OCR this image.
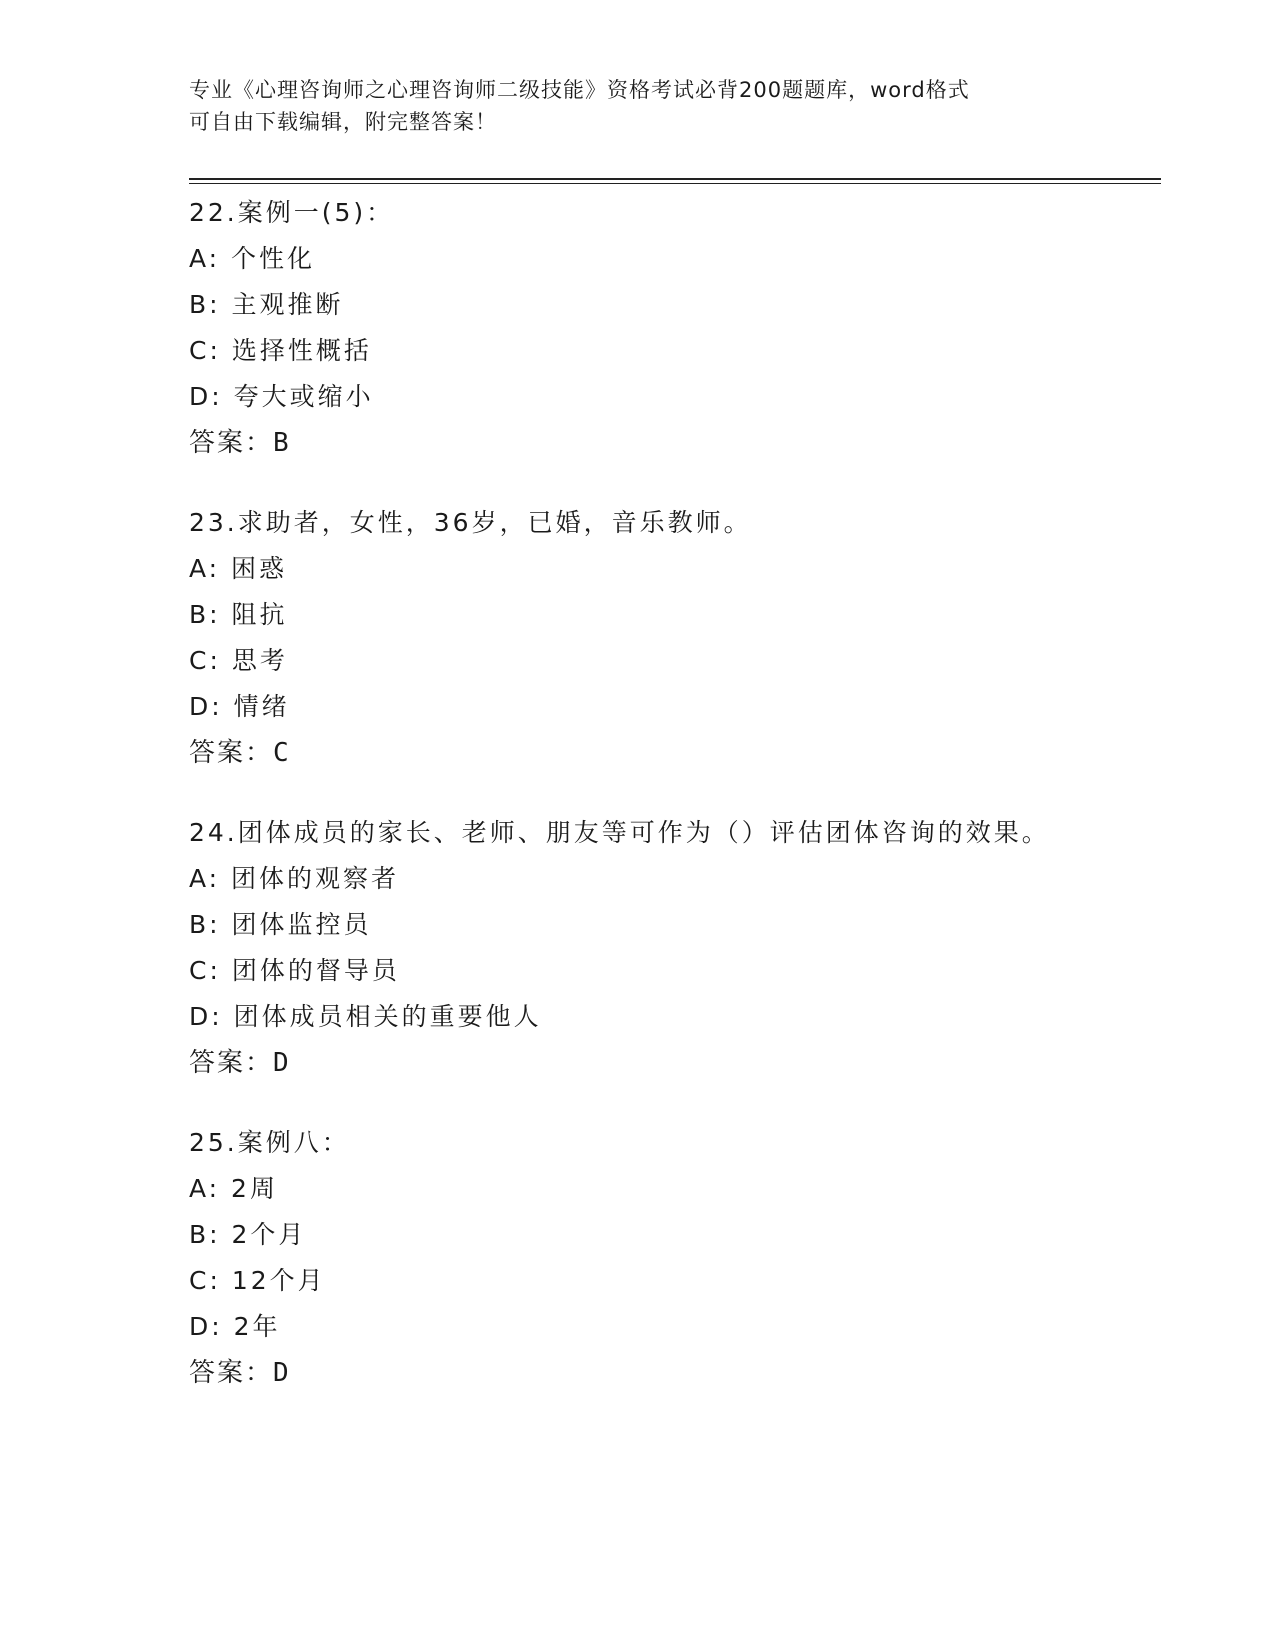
专业《心理咨询师之心理咨询师二级技能》资格考试必背200题题库，word格式
可自由下载编辑，附完整答案！
22.案例一(5)：
A: 个性化
B: 主观推断
C: 选择性概括
D: 夸大或缩小
答案：B
23.求助者，女性，36岁，已婚，音乐教师。
A: 困惑
B: 阻抗
C: 思考
D: 情绪
答案：C
24.团体成员的家长、老师、朋友等可作为（）评估团体咨询的效果。
A: 团体的观察者
B: 团体监控员
C: 团体的督导员
D: 团体成员相关的重要他人
答案：D
25.案例八：
A: 2周
B: 2个月
C: 12个月
D: 2年
答案：D
